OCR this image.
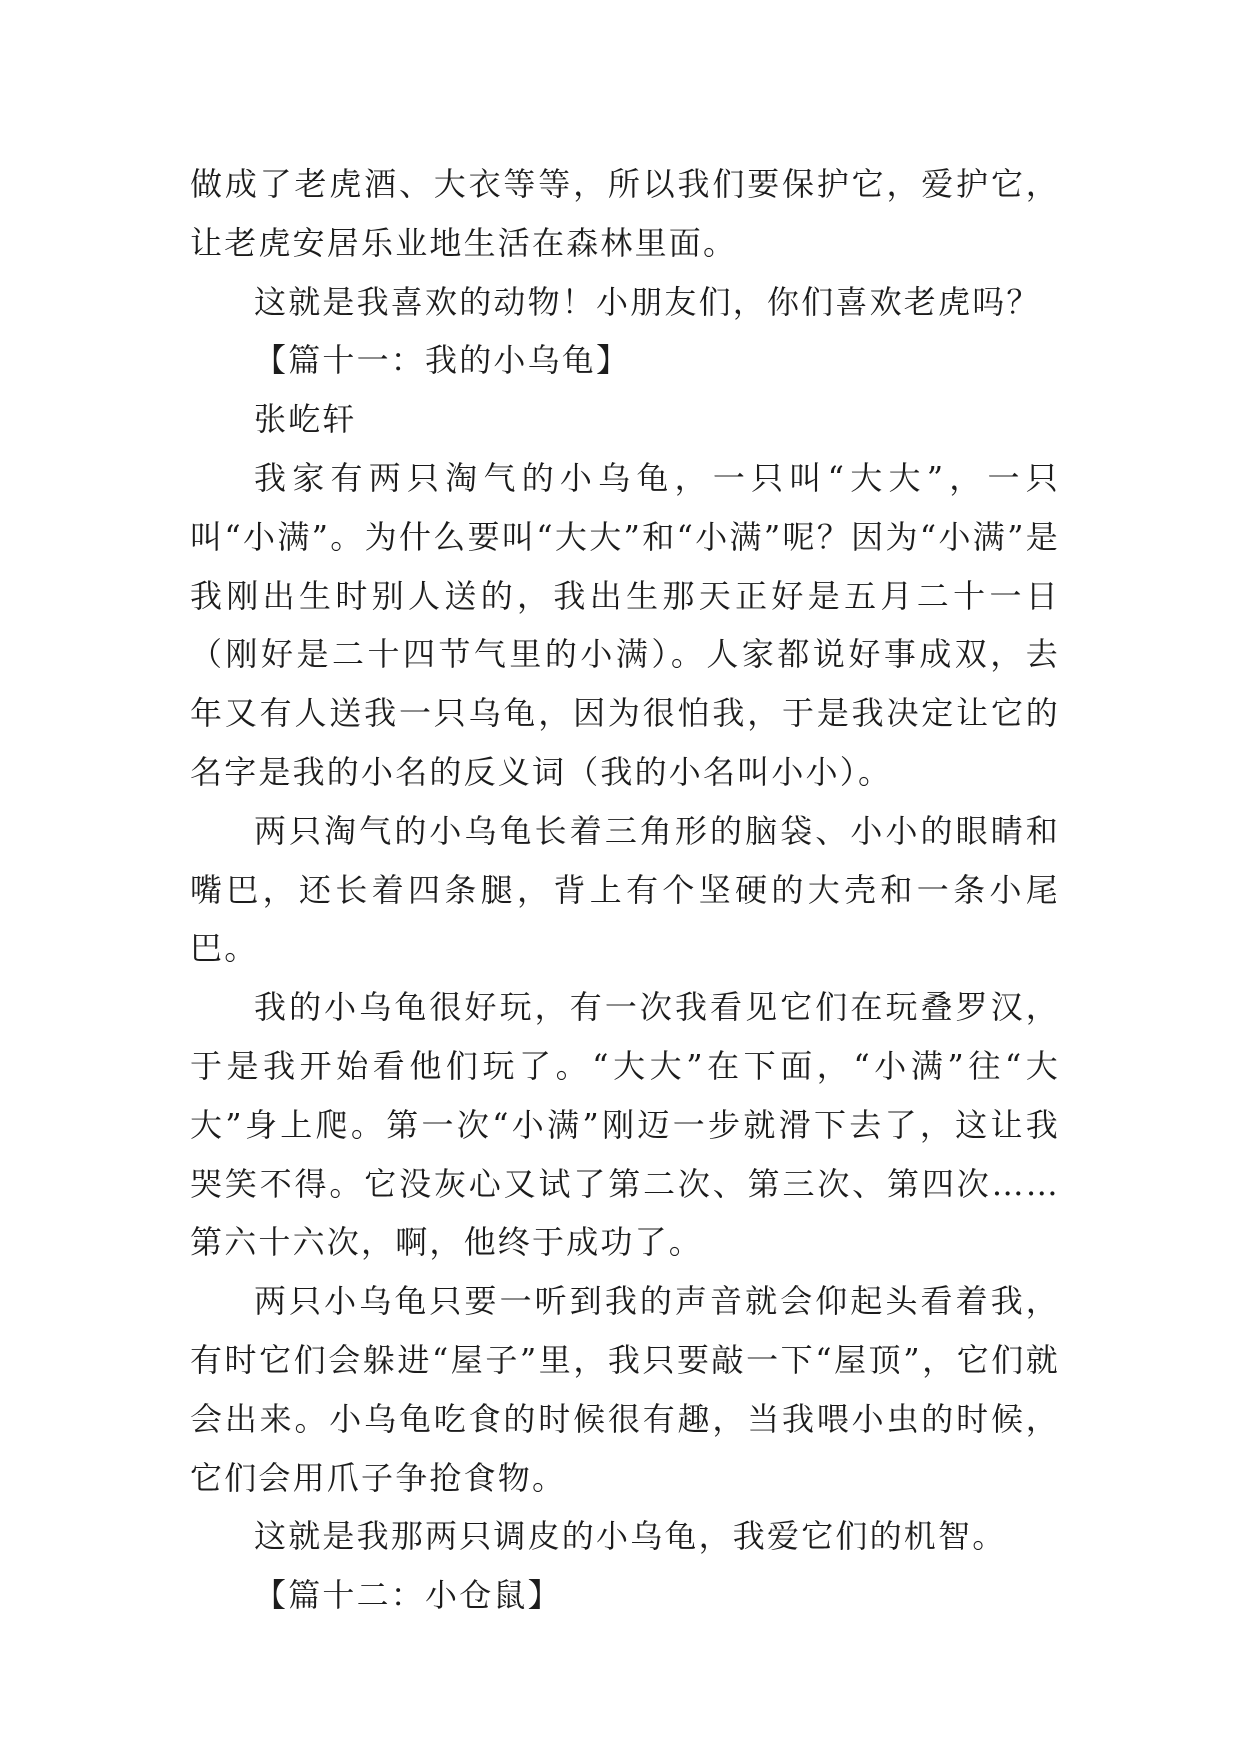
做成了老虎酒、大衣等等，所以我们要保护它，爱护它，让老虎安居乐业地生活在森林里面。

这就是我喜欢的动物！小朋友们，你们喜欢老虎吗？

【篇十一：我的小乌龟】

张屹轩

我家有两只淘气的小乌龟，一只叫“大大”，一只叫“小满”。为什么要叫“大大”和“小满”呢？因为“小满”是我刚出生时别人送的，我出生那天正好是五月二十一日（刚好是二十四节气里的小满）。人家都说好事成双，去年又有人送我一只乌龟，因为很怕我，于是我决定让它的名字是我的小名的反义词（我的小名叫小小）。

两只淘气的小乌龟长着三角形的脑袋、小小的眼睛和嘴巴，还长着四条腿，背上有个坚硬的大壳和一条小尾巴。

我的小乌龟很好玩，有一次我看见它们在玩叠罗汉，于是我开始看他们玩了。“大大”在下面，“小满”往“大大”身上爬。第一次“小满”刚迈一步就滑下去了，这让我哭笑不得。它没灰心又试了第二次、第三次、第四次……第六十六次，啊，他终于成功了。

两只小乌龟只要一听到我的声音就会仰起头看着我，有时它们会躲进“屋子”里，我只要敲一下“屋顶”，它们就会出来。小乌龟吃食的时候很有趣，当我喂小虫的时候，它们会用爪子争抢食物。

这就是我那两只调皮的小乌龟，我爱它们的机智。

【篇十二：小仓鼠】
